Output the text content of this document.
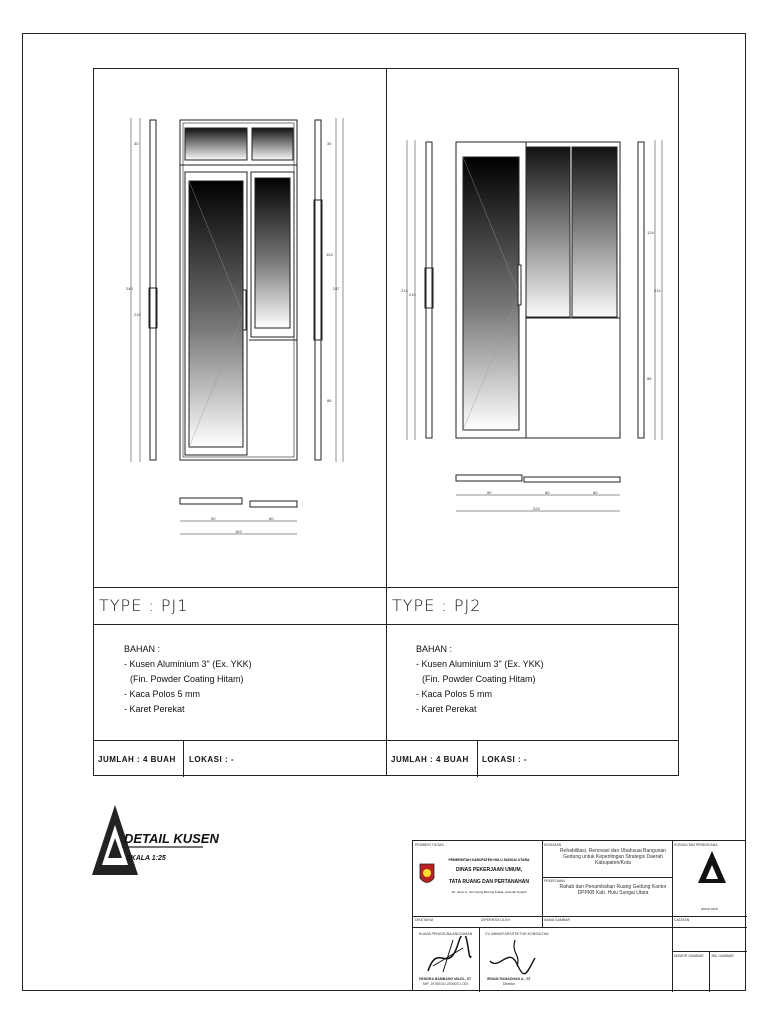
TYPE : PJ1
BAHAN :
- Kusen Aluminium 3" (Ex. YKK)
(Fin. Powder Coating Hitam)
- Kaca Polos 5 mm
- Karet Perekat
JUMLAH : 4 BUAH LOKASI : -
TYPE : PJ2
BAHAN :
- Kusen Aluminium 3" (Ex. YKK)
(Fin. Powder Coating Hitam)
- Kaca Polos 5 mm
- Karet Perekat
JUMLAH : 4 BUAH LOKASI : -
30
240
210
30
124
247
86
90	60
162
214
210
124
214
86
90	60	60
224
DETAIL KUSEN
SKALA 1:25
PEMBERI TUGAS
PEMERINTAH KABUPATEN HULU SUNGAI UTARA
DINAS PEKERJAAN UMUM,
TATA RUANG DAN PERTANAHAN
Jln. Jend. A. Yani Ujung Murung Pudak, Amuntai Tengah
KEGIATAN
Rehabilitasi, Renovasi dan Ubahsuai Bangunan Gedung untuk Kepentingan Strategis Daerah Kabupaten/Kota
PEKERJAAN
Rahab dan Penambahan Ruang Gedung Kantor DPPKB Kab. Hulu Sungai Utara
KONSULTAN PERENCANA
annur arch
DIKETAHUI	DIPERIKSA OLEH	NAMA GAMBAR	CATATAN
NOMOR GAMBAR JML GAMBAR
KUASA PENGGUNA ANGGARAN
HENDRA BAMBANG MAZIL, ST
NIP. 19750101 200003 1 003
CV. ANNUR ARSITEKTUR KONSULTAN
IRHAM RAMADHAN A., ST
Direktur
